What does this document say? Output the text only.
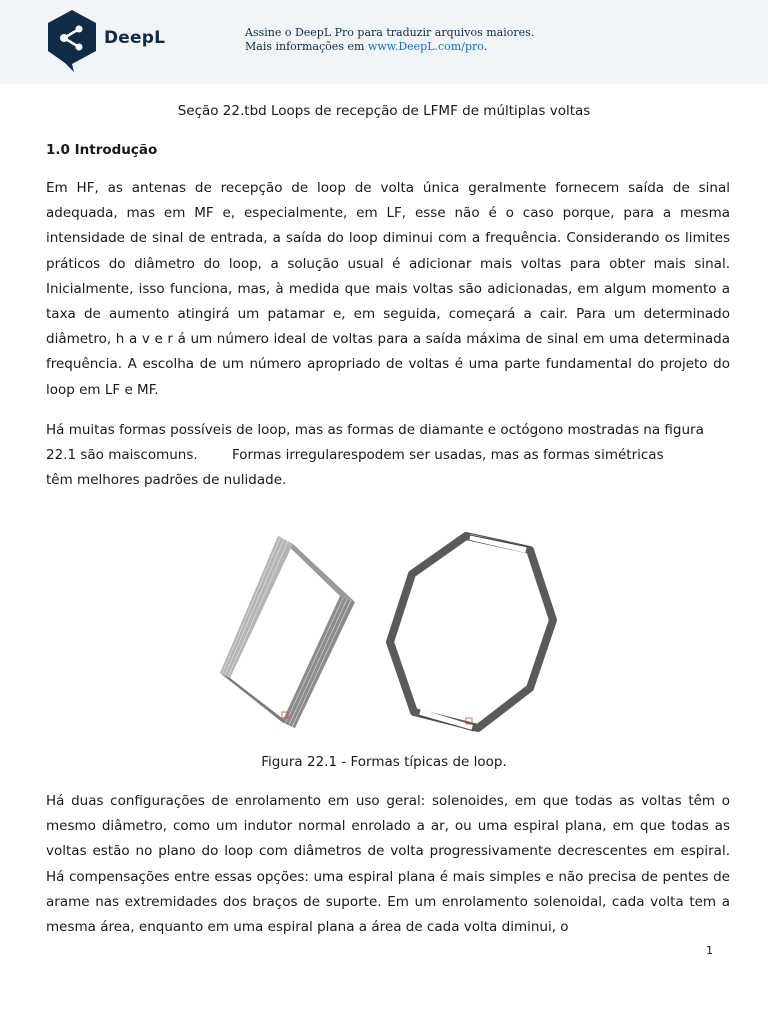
DeepL	Assine o DeepL Pro para traduzir arquivos maiores.
Mais informações em www.DeepL.com/pro.
Seção 22.tbd Loops de recepção de LFMF de múltiplas voltas
1.0 Introdução

Em HF, as antenas de recepção de loop de volta única geralmente fornecem saída de sinal adequada, mas em MF e, especialmente, em LF, esse não é o caso porque, para a mesma intensidade de sinal de entrada, a saída do loop diminui com a frequência. Considerando os limites práticos do diâmetro do loop, a solução usual é adicionar mais voltas para obter mais sinal. Inicialmente, isso funciona, mas, à medida que mais voltas são adicionadas, em algum momento a taxa de aumento atingirá um patamar e, em seguida, começará a cair. Para um determinado diâmetro, h a v e r á um número ideal de voltas para a saída máxima de sinal em uma determinada frequência. A escolha de um número apropriado de voltas é uma parte fundamental do projeto do loop em LF e MF.

Há muitas formas possíveis de loop, mas as formas de diamante e octógono mostradas na figura
22.1 são maiscomuns.        Formas irregularespodem ser usadas, mas as formas simétricas
têm melhores padrões de nulidade.
Figura 22.1 - Formas típicas de loop.

Há duas configurações de enrolamento em uso geral: solenoides, em que todas as voltas têm o mesmo diâmetro, como um indutor normal enrolado a ar, ou uma espiral plana, em que todas as voltas estão no plano do loop com diâmetros de volta progressivamente decrescentes em espiral. Há compensações entre essas opções: uma espiral plana é mais simples e não precisa de pentes de arame nas extremidades dos braços de suporte. Em um enrolamento solenoidal, cada volta tem a mesma área, enquanto em uma espiral plana a área de cada volta diminui, o

1
